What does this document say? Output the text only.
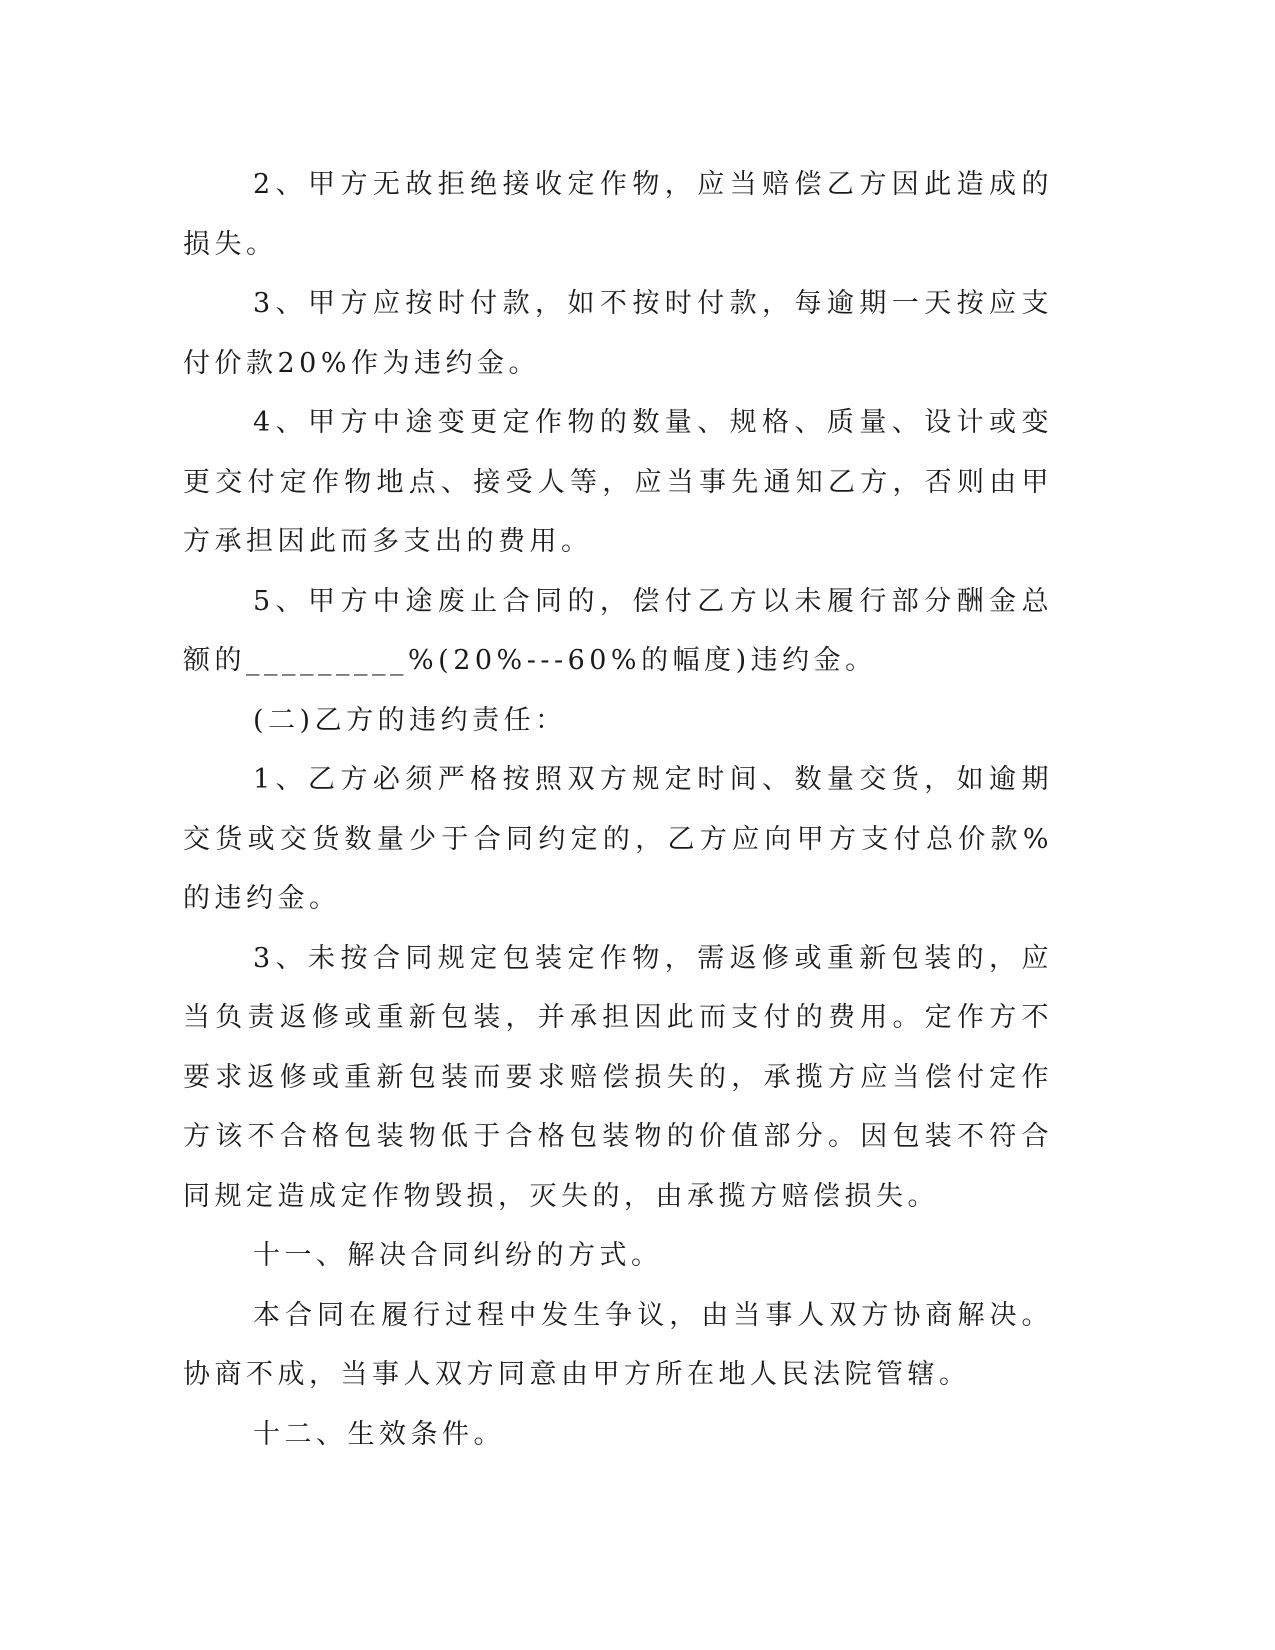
2、甲方无故拒绝接收定作物，应当赔偿乙方因此造成的损失。

3、甲方应按时付款，如不按时付款，每逾期一天按应支付价款20%作为违约金。

4、甲方中途变更定作物的数量、规格、质量、设计或变更交付定作物地点、接受人等，应当事先通知乙方，否则由甲方承担因此而多支出的费用。

5、甲方中途废止合同的，偿付乙方以未履行部分酬金总额的_________%(20%---60%的幅度)违约金。

(二)乙方的违约责任：

1、乙方必须严格按照双方规定时间、数量交货，如逾期交货或交货数量少于合同约定的，乙方应向甲方支付总价款%的违约金。

3、未按合同规定包装定作物，需返修或重新包装的，应当负责返修或重新包装，并承担因此而支付的费用。定作方不要求返修或重新包装而要求赔偿损失的，承揽方应当偿付定作方该不合格包装物低于合格包装物的价值部分。因包装不符合同规定造成定作物毁损，灭失的，由承揽方赔偿损失。

十一、解决合同纠纷的方式。

本合同在履行过程中发生争议，由当事人双方协商解决。协商不成，当事人双方同意由甲方所在地人民法院管辖。

十二、生效条件。
